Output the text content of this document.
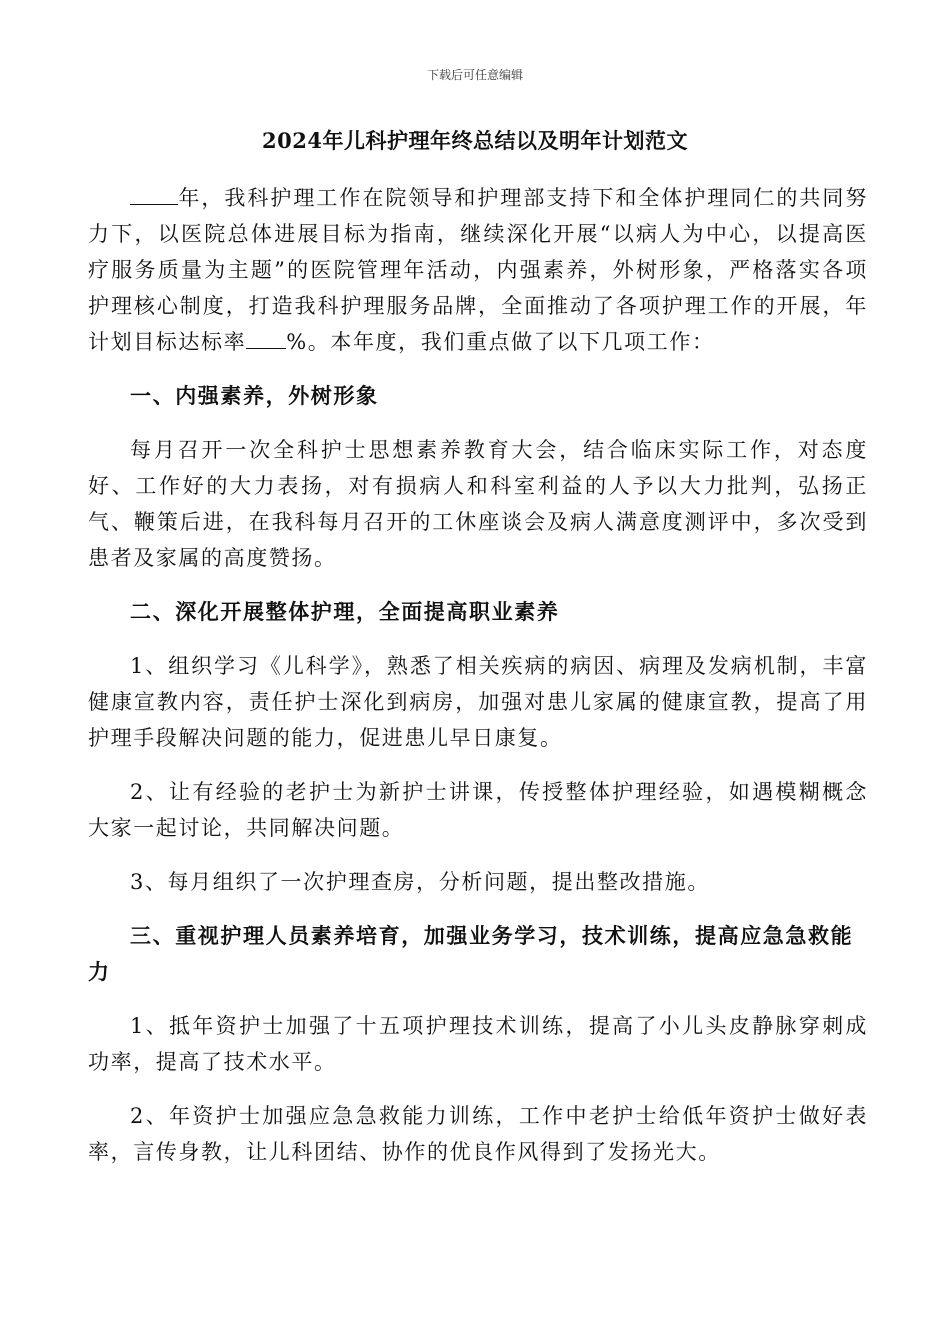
下载后可任意编辑
2024年儿科护理年终总结以及明年计划范文

年，我科护理工作在院领导和护理部支持下和全体护理同仁的共同努力下，以医院总体进展目标为指南，继续深化开展“以病人为中心，以提高医疗服务质量为主题”的医院管理年活动，内强素养，外树形象，严格落实各项护理核心制度，打造我科护理服务品牌，全面推动了各项护理工作的开展，年计划目标达标率 %。本年度，我们重点做了以下几项工作：

一、内强素养，外树形象

每月召开一次全科护士思想素养教育大会，结合临床实际工作，对态度好、工作好的大力表扬，对有损病人和科室利益的人予以大力批判，弘扬正气、鞭策后进，在我科每月召开的工休座谈会及病人满意度测评中，多次受到患者及家属的高度赞扬。

二、深化开展整体护理，全面提高职业素养

1、组织学习《儿科学》，熟悉了相关疾病的病因、病理及发病机制，丰富健康宣教内容，责任护士深化到病房，加强对患儿家属的健康宣教，提高了用护理手段解决问题的能力，促进患儿早日康复。

2、让有经验的老护士为新护士讲课，传授整体护理经验，如遇模糊概念大家一起讨论，共同解决问题。

3、每月组织了一次护理查房，分析问题，提出整改措施。

三、重视护理人员素养培育，加强业务学习，技术训练，提高应急急救能力

1、抵年资护士加强了十五项护理技术训练，提高了小儿头皮静脉穿刺成功率，提高了技术水平。

2、年资护士加强应急急救能力训练，工作中老护士给低年资护士做好表率，言传身教，让儿科团结、协作的优良作风得到了发扬光大。
